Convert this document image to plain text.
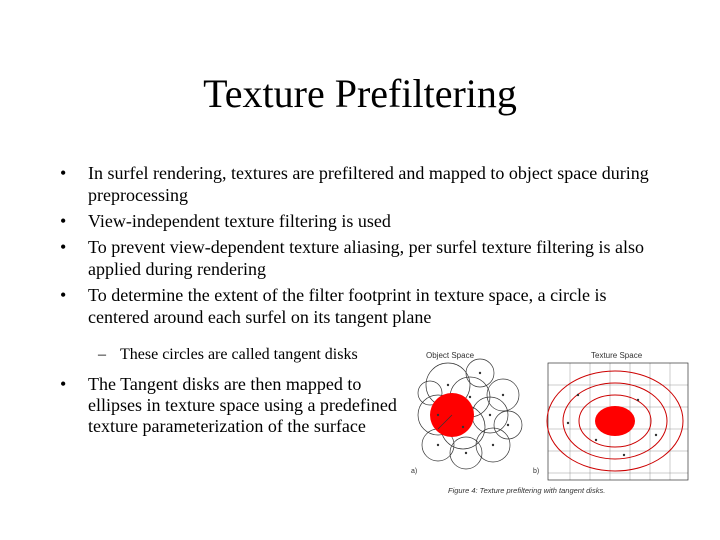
Texture Prefiltering
• In surfel rendering, textures are prefiltered and mapped to object space during preprocessing
• View-independent texture filtering is used
• To prevent view-dependent texture aliasing, per surfel texture filtering is also applied during rendering
• To determine the extent of the filter footprint in texture space, a circle is centered around each surfel on its tangent plane
– These circles are called tangent disks
•	The Tangent disks are then mapped to ellipses in texture space using a predefined texture parameterization of the surface
Object Space
a)
Texture Space
b)
Figure 4: Texture prefiltering with tangent disks.
